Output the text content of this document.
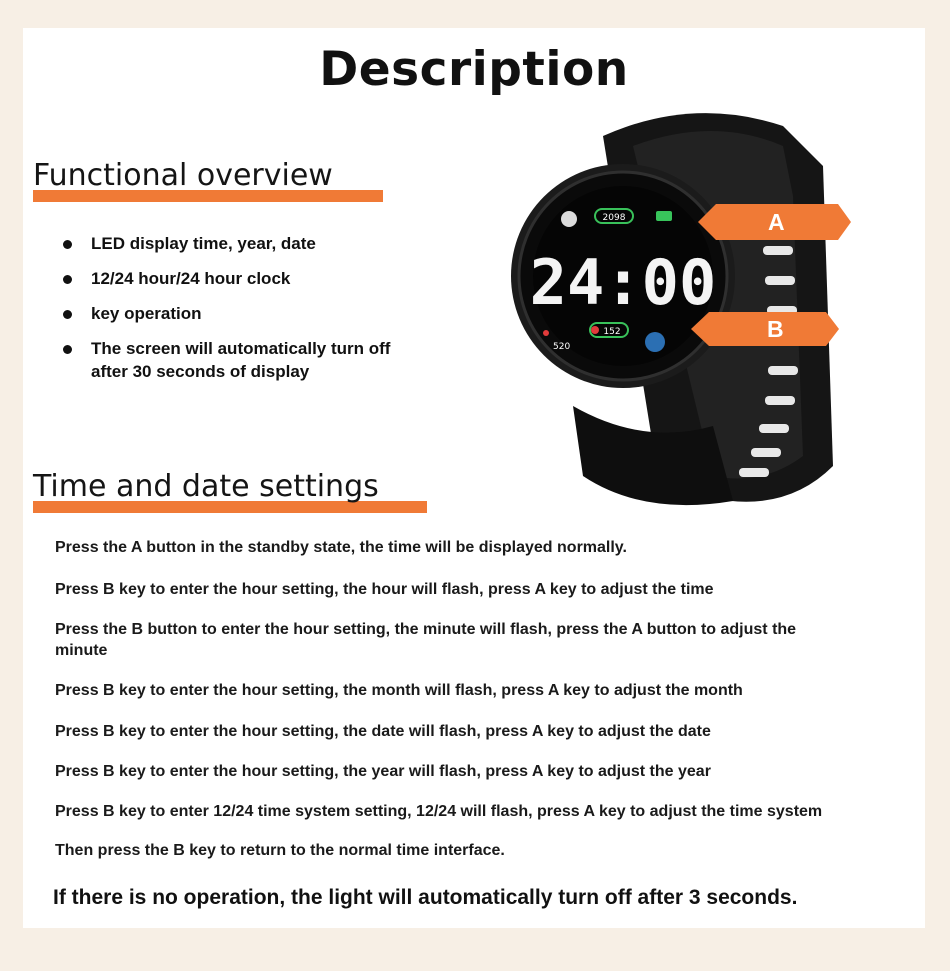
Description
Functional overview
LED display time, year, date
12/24 hour/24 hour clock
key operation
The screen will automatically turn off after 30 seconds of display
24:00
2098
152
520
A
B
Time and date settings
Press the A button in the standby state, the time will be displayed normally.
Press B key to enter the hour setting, the hour will flash, press A key to adjust the time
Press the B button to enter the hour setting, the minute will flash, press the A button to adjust the minute
Press B key to enter the hour setting, the month will flash, press A key to adjust the month
Press B key to enter the hour setting, the date will flash, press A key to adjust the date
Press B key to enter the hour setting, the year will flash, press A key to adjust the year
Press B key to enter 12/24 time system setting, 12/24 will flash, press A key to adjust the time system
Then press the B key to return to the normal time interface.
If there is no operation, the light will automatically turn off after 3 seconds.
